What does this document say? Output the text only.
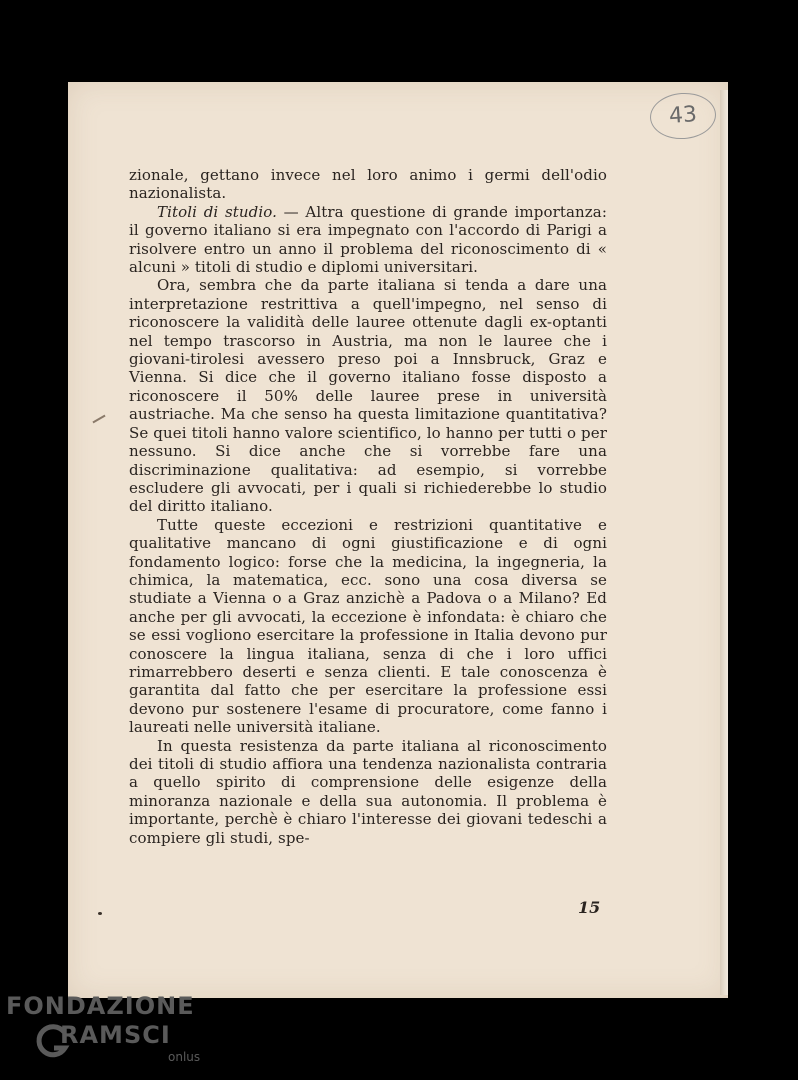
43

zionale, gettano invece nel loro animo i germi dell'odio nazionalista.

Titoli di studio. — Altra questione di grande importanza: il governo italiano si era impegnato con l'accordo di Parigi a risolvere entro un anno il problema del riconoscimento di « alcuni » titoli di studio e diplomi universitari.

Ora, sembra che da parte italiana si tenda a dare una interpretazione restrittiva a quell'impegno, nel senso di riconoscere la validità delle lauree ottenute dagli ex-optanti nel tempo trascorso in Austria, ma non le lauree che i giovani-tirolesi avessero preso poi a Innsbruck, Graz e Vienna. Si dice che il governo italiano fosse disposto a riconoscere il 50% delle lauree prese in università austriache. Ma che senso ha questa limitazione quantitativa? Se quei titoli hanno valore scientifico, lo hanno per tutti o per nessuno. Si dice anche che si vorrebbe fare una discriminazione qualitativa: ad esempio, si vorrebbe escludere gli avvocati, per i quali si richiederebbe lo studio del diritto italiano.

Tutte queste eccezioni e restrizioni quantitative e qualitative mancano di ogni giustificazione e di ogni fondamento logico: forse che la medicina, la ingegneria, la chimica, la matematica, ecc. sono una cosa diversa se studiate a Vienna o a Graz anzichè a Padova o a Milano? Ed anche per gli avvocati, la eccezione è infondata: è chiaro che se essi vogliono esercitare la professione in Italia devono pur conoscere la lingua italiana, senza di che i loro uffici rimarrebbero deserti e senza clienti. E tale conoscenza è garantita dal fatto che per esercitare la professione essi devono pur sostenere l'esame di procuratore, come fanno i laureati nelle università italiane.

In questa resistenza da parte italiana al riconoscimento dei titoli di studio affiora una tendenza nazionalista contraria a quello spirito di comprensione delle esigenze della minoranza nazionale e della sua autonomia. Il problema è importante, perchè è chiaro l'interesse dei giovani tedeschi a compiere gli studi, spe-

15
FONDAZIONE
RAMSCI
onlus
